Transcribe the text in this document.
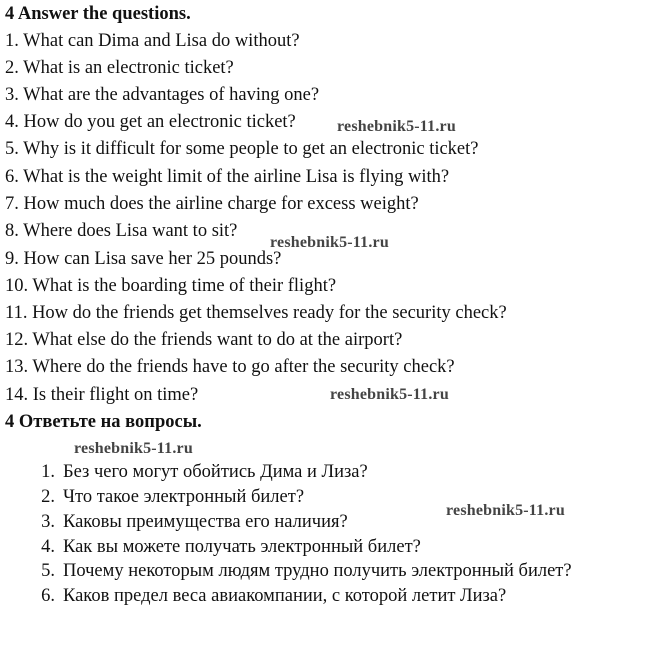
4 Answer the questions.
1. What can Dima and Lisa do without?
2. What is an electronic ticket?
3. What are the advantages of having one?
4. How do you get an electronic ticket?
5. Why is it difficult for some people to get an electronic ticket?
6. What is the weight limit of the airline Lisa is flying with?
7. How much does the airline charge for excess weight?
8. Where does Lisa want to sit?
9. How can Lisa save her 25 pounds?
10. What is the boarding time of their flight?
11. How do the friends get themselves ready for the security check?
12. What else do the friends want to do at the airport?
13. Where do the friends have to go after the security check?
14. Is their flight on time?
4 Ответьте на вопросы.
1. Без чего могут обойтись Дима и Лиза?
2. Что такое электронный билет?
3. Каковы преимущества его наличия?
4. Как вы можете получать электронный билет?
5. Почему некоторым людям трудно получить электронный билет?
6. Каков предел веса авиакомпании, с которой летит Лиза?
reshebnik5-11.ru
reshebnik5-11.ru
reshebnik5-11.ru
reshebnik5-11.ru
reshebnik5-11.ru
